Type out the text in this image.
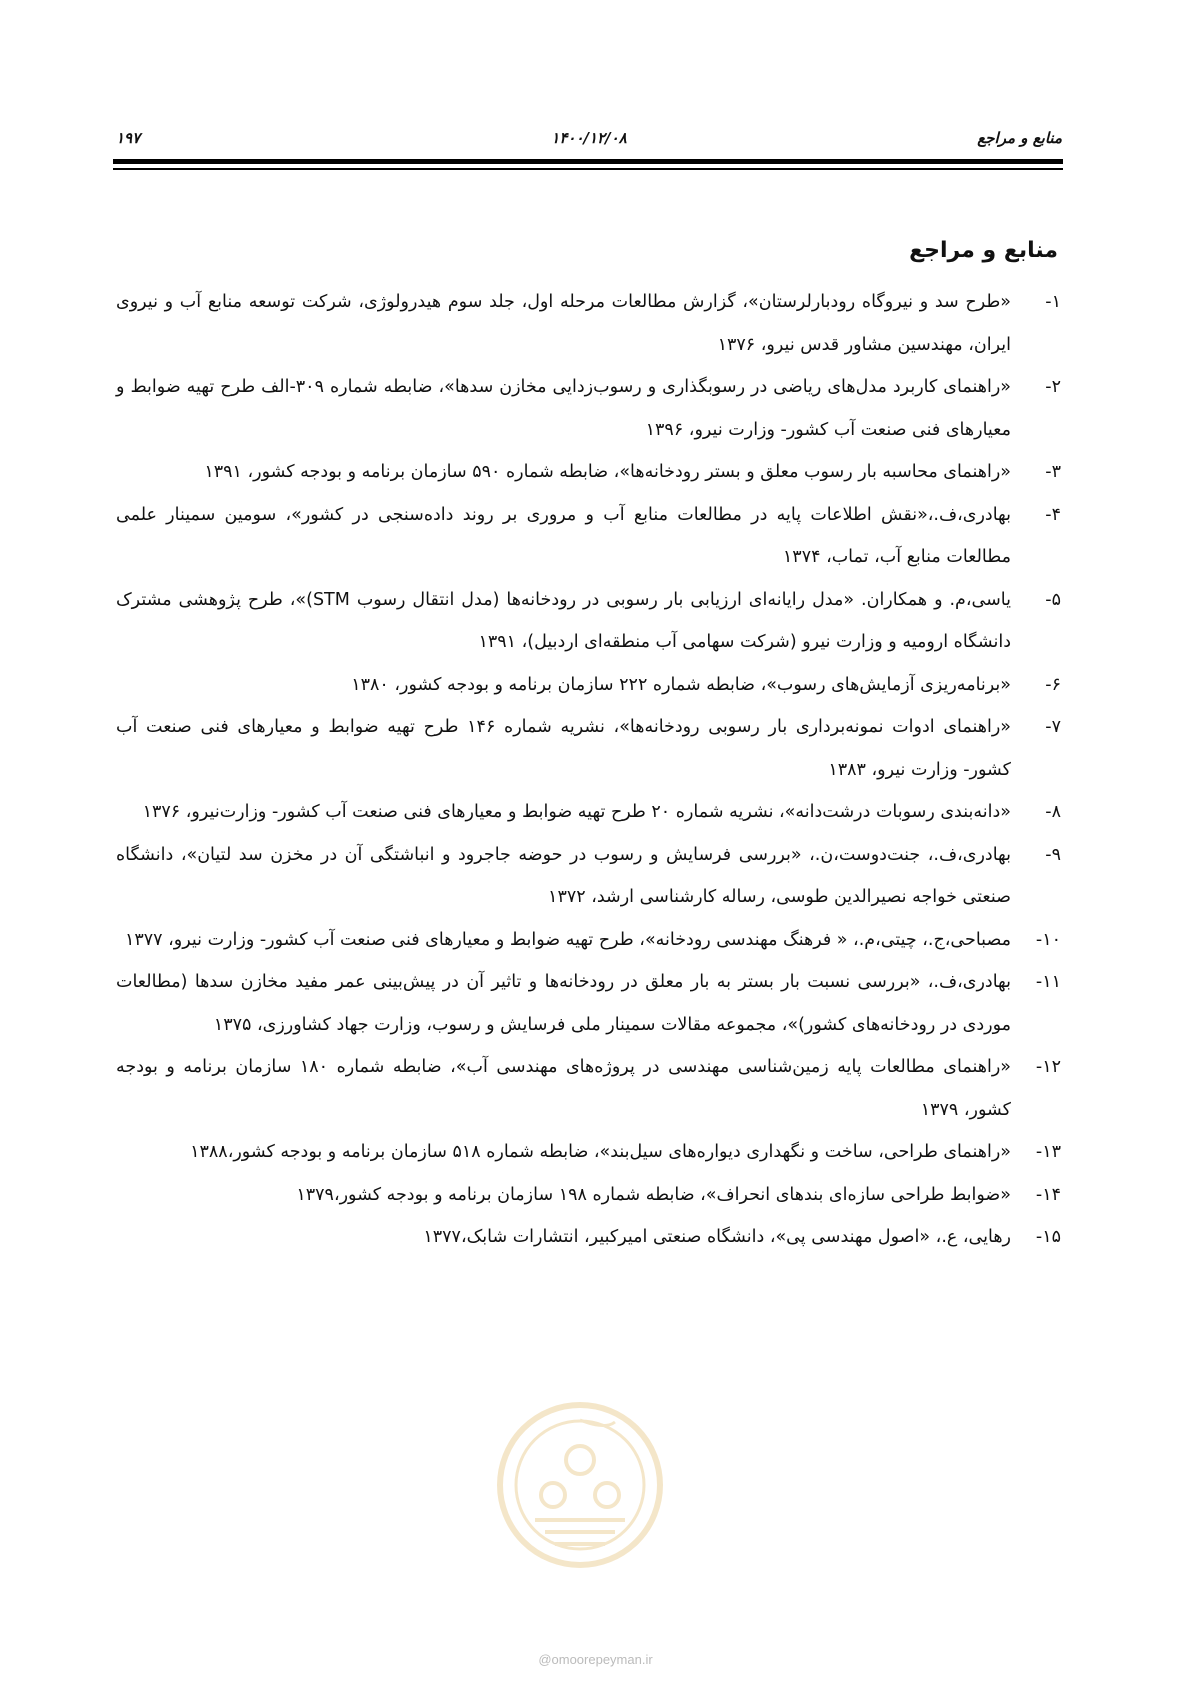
منابع و مراجع
۱۴۰۰/۱۲/۰۸
۱۹۷
منابع و مراجع
۱-
«طرح سد و نیروگاه رودبارلرستان»، گزارش مطالعات مرحله اول، جلد سوم هیدرولوژی، شرکت توسعه منابع آب و نیروی ایران، مهندسین مشاور قدس نیرو، ۱۳۷۶
۲-
«راهنمای کاربرد مدل‌های ریاضی در رسوبگذاری و رسوب‌زدایی مخازن سدها»، ضابطه شماره ۳۰۹-الف طرح تهیه ضوابط و معیارهای فنی صنعت آب کشور- وزارت نیرو، ۱۳۹۶
۳-
«راهنمای محاسبه بار رسوب معلق و بستر رودخانه‌ها»، ضابطه شماره ۵۹۰ سازمان برنامه و بودجه کشور، ۱۳۹۱
۴-
بهادری،ف.،«نقش اطلاعات پایه در مطالعات منابع آب و مروری بر روند داده‌سنجی در کشور»، سومین سمینار علمی مطالعات منابع آب، تماب، ۱۳۷۴
۵-
یاسی،م. و همکاران. «مدل رایانه‌ای ارزیابی بار رسوبی در رودخانه‌ها (مدل انتقال رسوب STM)»، طرح پژوهشی مشترک دانشگاه ارومیه و وزارت نیرو (شرکت سهامی آب منطقه‌ای اردبیل)، ۱۳۹۱
۶-
«برنامه‌ریزی آزمایش‌های رسوب»، ضابطه شماره ۲۲۲ سازمان برنامه و بودجه کشور، ۱۳۸۰
۷-
«راهنمای ادوات نمونه‌برداری بار رسوبی رودخانه‌ها»، نشریه شماره ۱۴۶ طرح تهیه ضوابط و معیارهای فنی صنعت آب کشور- وزارت نیرو، ۱۳۸۳
۸-
«دانه‌بندی رسوبات درشت‌دانه»، نشریه شماره ۲۰ طرح تهیه ضوابط و معیارهای فنی صنعت آب کشور- وزارت‌نیرو، ۱۳۷۶
۹-
بهادری،ف.، جنت‌دوست،ن.، «بررسی فرسایش و رسوب در حوضه جاجرود و انباشتگی آن در مخزن سد لتیان»، دانشگاه صنعتی خواجه نصیرالدین طوسی، رساله کارشناسی ارشد، ۱۳۷۲
۱۰-
مصباحی،ج.، چیتی،م.، « فرهنگ مهندسی رودخانه»، طرح تهیه ضوابط و معیارهای فنی صنعت آب کشور- وزارت نیرو، ۱۳۷۷
۱۱-
بهادری،ف.، «بررسی نسبت بار بستر به بار معلق در رودخانه‌ها و تاثیر آن در پیش‌بینی عمر مفید مخازن سدها (مطالعات موردی در رودخانه‌های کشور)»، مجموعه مقالات سمینار ملی فرسایش و رسوب، وزارت جهاد کشاورزی، ۱۳۷۵
۱۲-
«راهنمای مطالعات پایه زمین‌شناسی مهندسی در پروژه‌های مهندسی آب»، ضابطه شماره ۱۸۰ سازمان برنامه و بودجه کشور، ۱۳۷۹
۱۳-
«راهنمای طراحی، ساخت و نگهداری دیواره‌های سیل‌بند»، ضابطه شماره ۵۱۸ سازمان برنامه و بودجه کشور،۱۳۸۸
۱۴-
«ضوابط طراحی سازه‌ای بندهای انحراف»، ضابطه شماره ۱۹۸ سازمان برنامه و بودجه کشور،۱۳۷۹
۱۵-
رهایی، ع.، «اصول مهندسی پی»، دانشگاه صنعتی امیرکبیر، انتشارات شابک،۱۳۷۷
@omoorepeyman.ir
